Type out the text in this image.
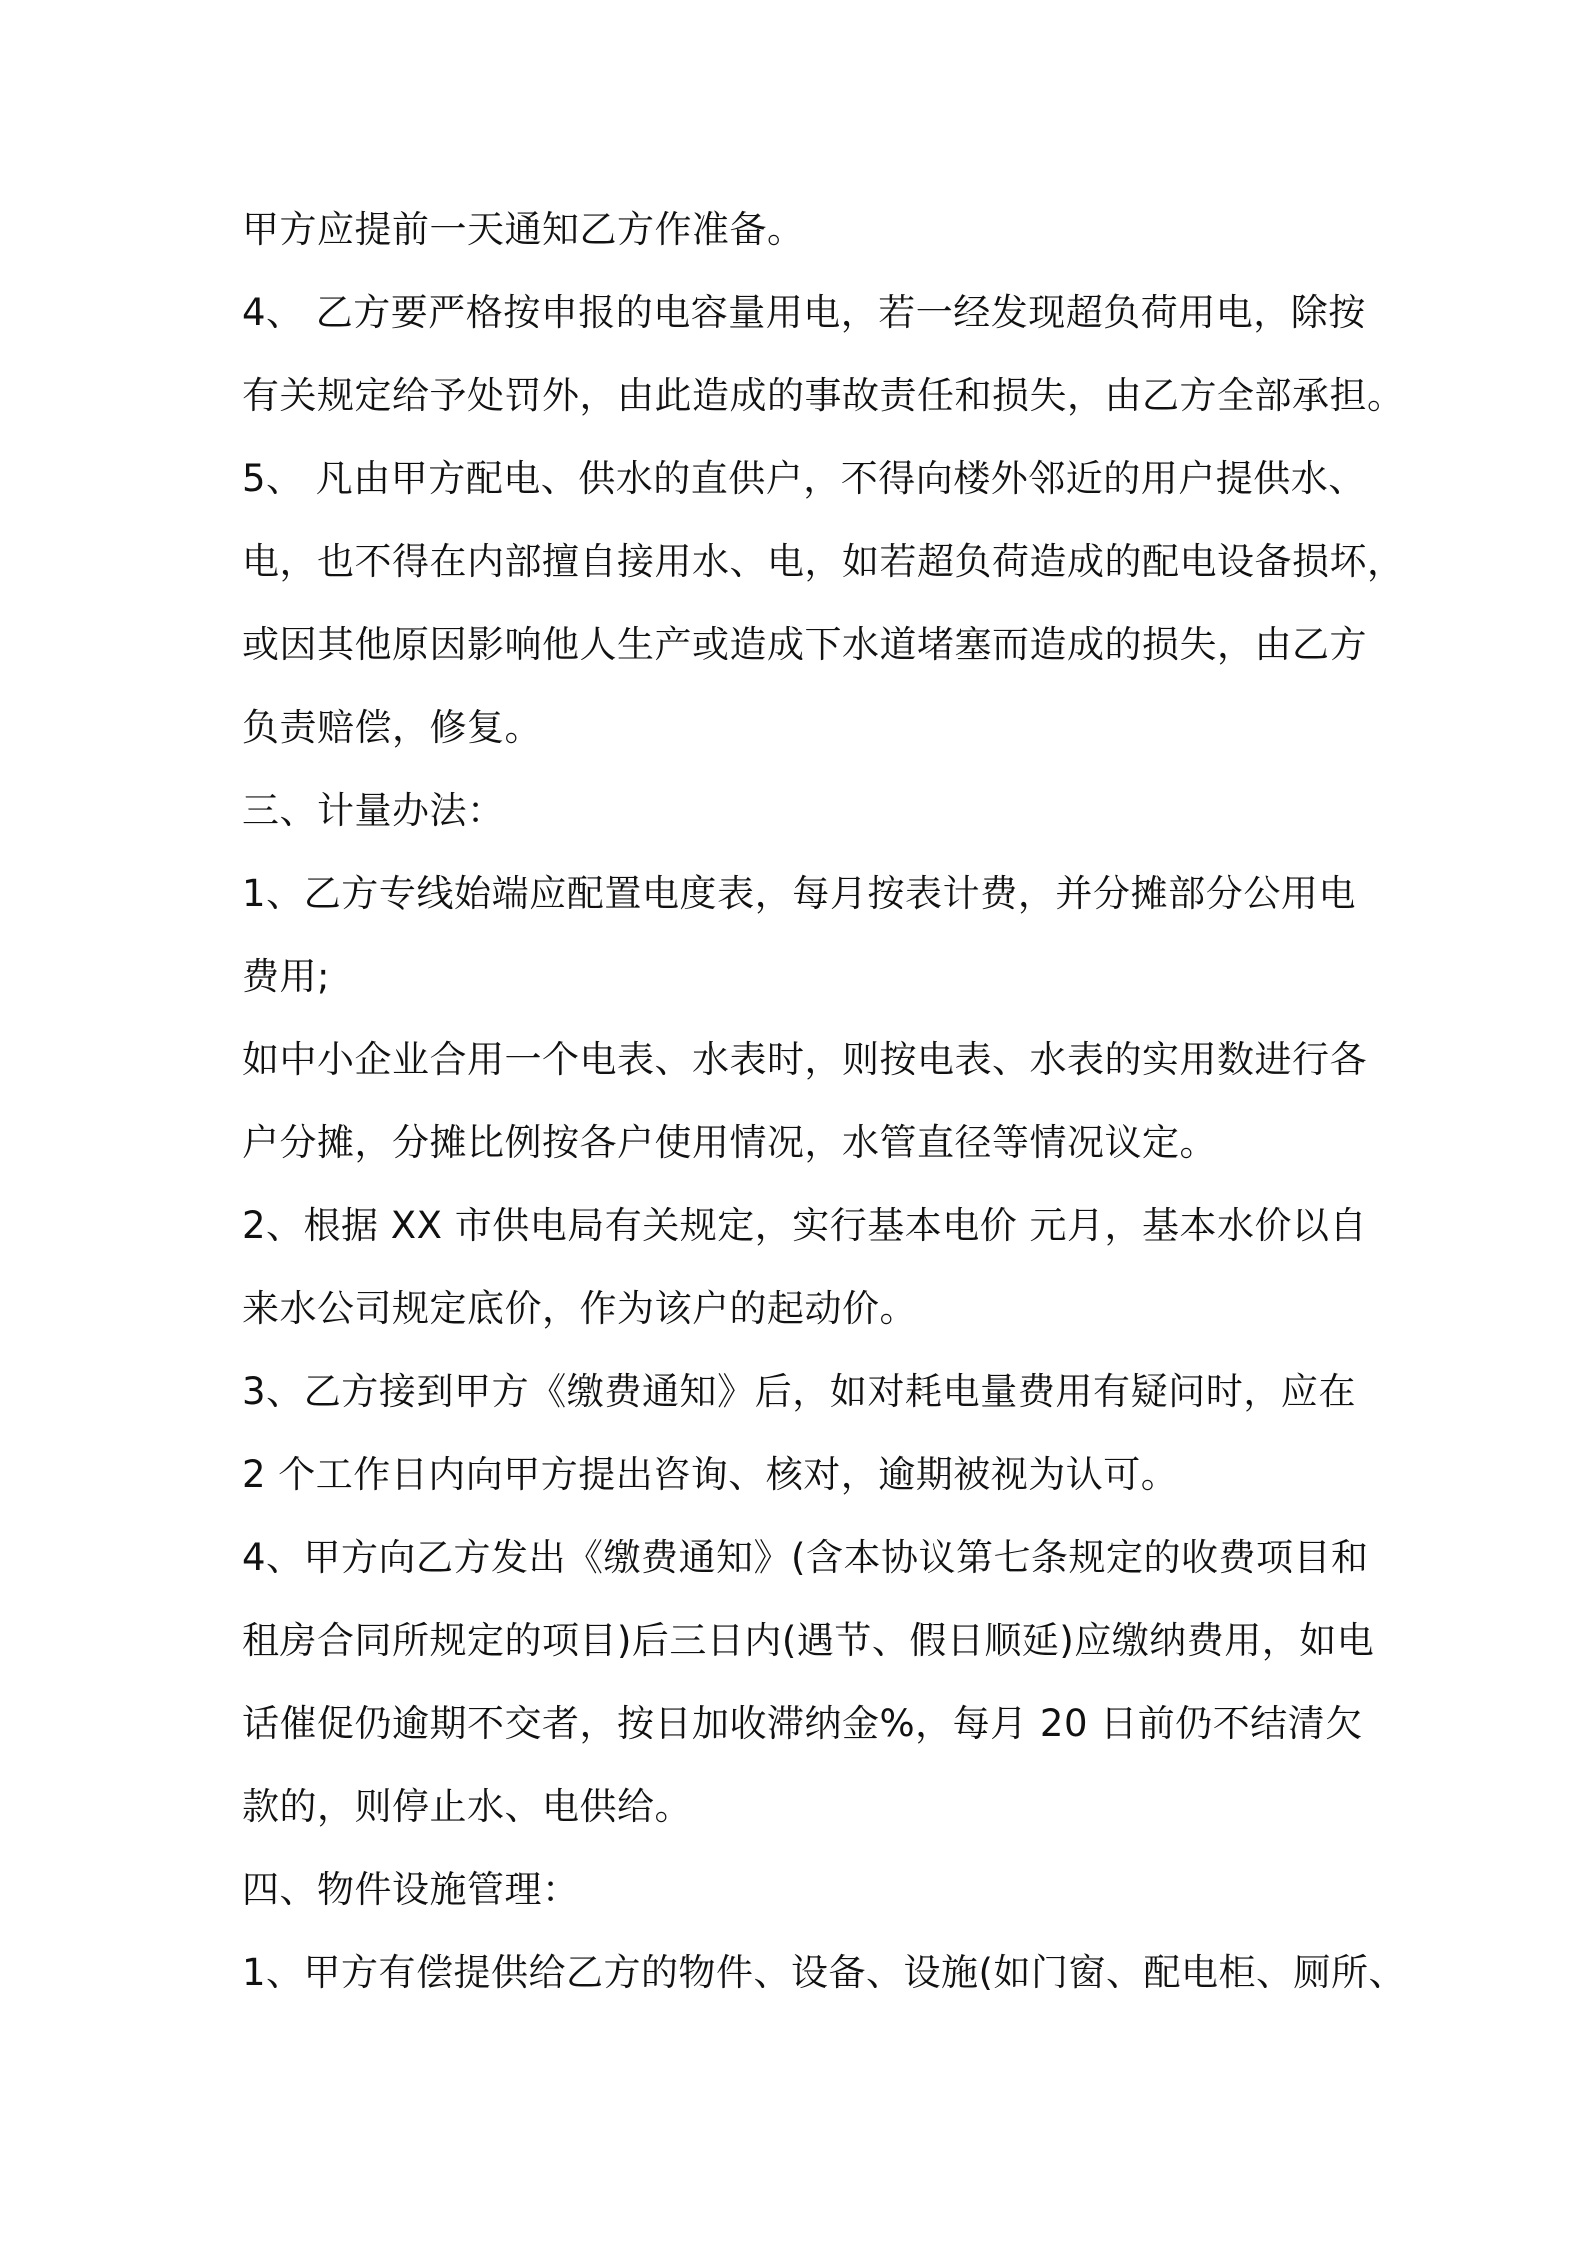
甲方应提前一天通知乙方作准备。
4、 乙方要严格按申报的电容量用电，若一经发现超负荷用电，除按
有关规定给予处罚外，由此造成的事故责任和损失，由乙方全部承担。
5、 凡由甲方配电、供水的直供户，不得向楼外邻近的用户提供水、
电，也不得在内部擅自接用水、电，如若超负荷造成的配电设备损坏，
或因其他原因影响他人生产或造成下水道堵塞而造成的损失，由乙方
负责赔偿，修复。
三、计量办法：
1、乙方专线始端应配置电度表，每月按表计费，并分摊部分公用电
费用;
如中小企业合用一个电表、水表时，则按电表、水表的实用数进行各
户分摊，分摊比例按各户使用情况，水管直径等情况议定。
2、根据 XX 市供电局有关规定，实行基本电价 元月，基本水价以自
来水公司规定底价，作为该户的起动价。
3、乙方接到甲方《缴费通知》后，如对耗电量费用有疑问时，应在
2 个工作日内向甲方提出咨询、核对，逾期被视为认可。
4、甲方向乙方发出《缴费通知》(含本协议第七条规定的收费项目和
租房合同所规定的项目)后三日内(遇节、假日顺延)应缴纳费用，如电
话催促仍逾期不交者，按日加收滞纳金%，每月 20 日前仍不结清欠
款的，则停止水、电供给。
四、物件设施管理：
1、甲方有偿提供给乙方的物件、设备、设施(如门窗、配电柜、厕所、
